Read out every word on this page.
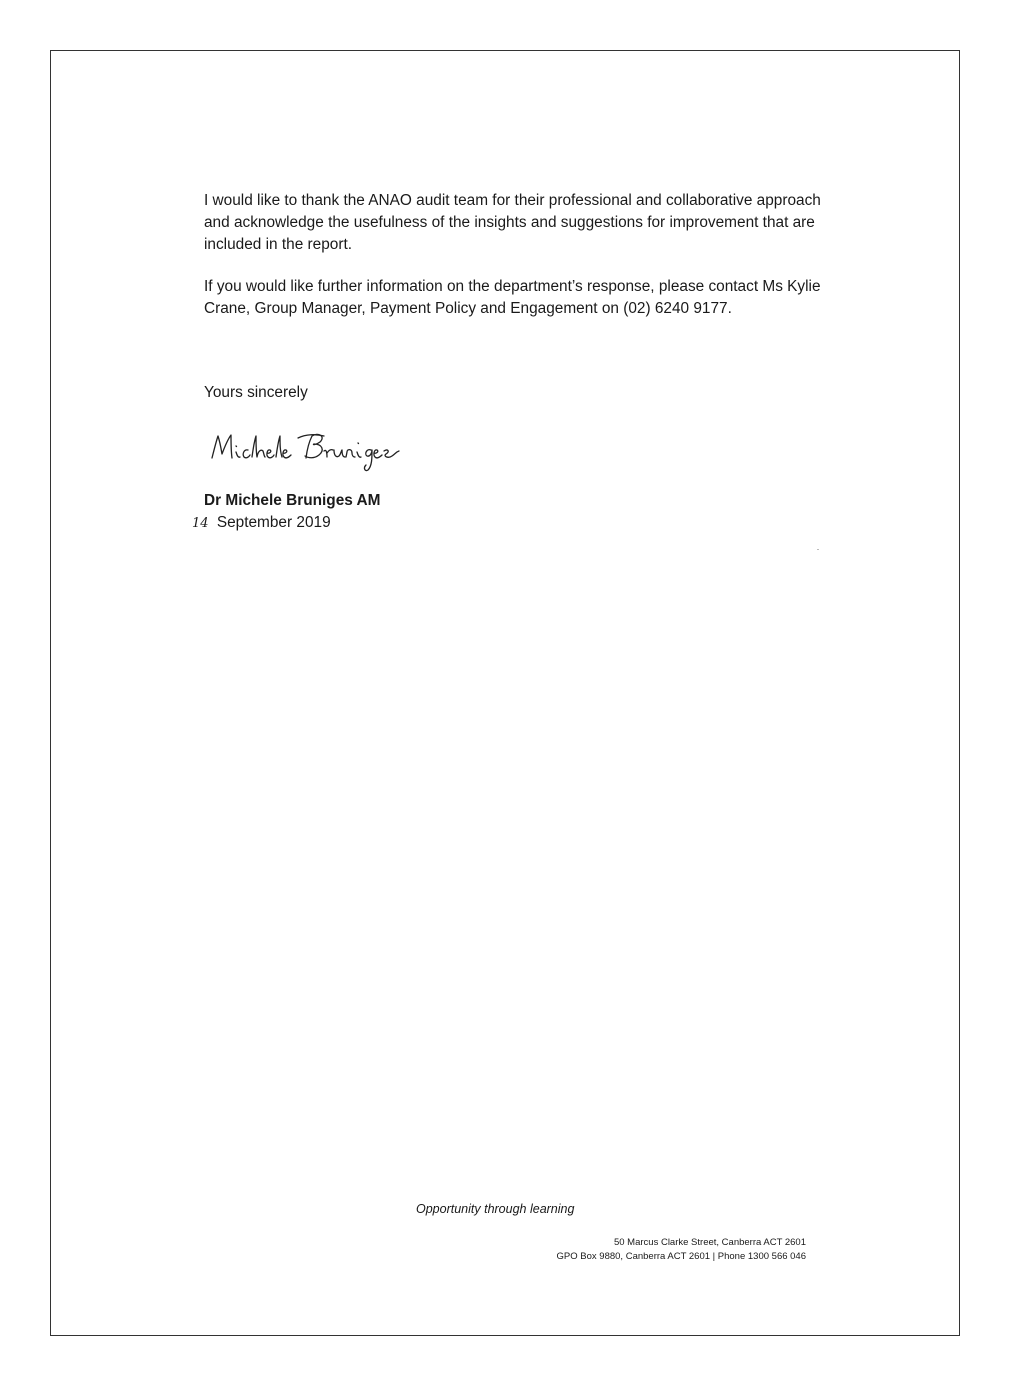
I would like to thank the ANAO audit team for their professional and collaborative approach and acknowledge the usefulness of the insights and suggestions for improvement that are included in the report.

If you would like further information on the department’s response, please contact Ms Kylie Crane, Group Manager, Payment Policy and Engagement on (02) 6240 9177.

Yours sincerely
Dr Michele Bruniges AM
14 September 2019
Opportunity through learning
50 Marcus Clarke Street, Canberra ACT 2601
GPO Box 9880, Canberra ACT 2601 | Phone 1300 566 046
